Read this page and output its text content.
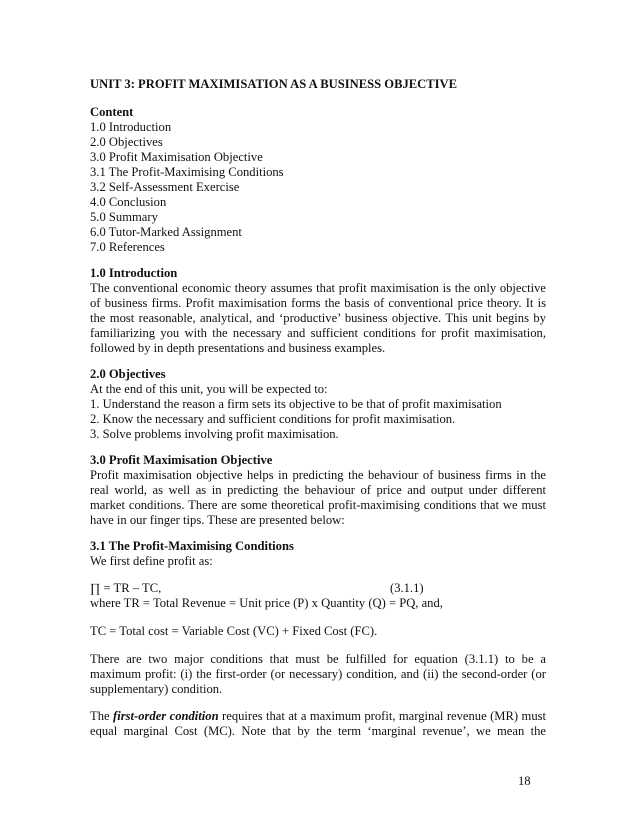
UNIT 3: PROFIT MAXIMISATION AS A BUSINESS OBJECTIVE
Content
1.0 Introduction
2.0 Objectives
3.0 Profit Maximisation Objective
3.1 The Profit-Maximising Conditions
3.2 Self-Assessment Exercise
4.0 Conclusion
5.0 Summary
6.0 Tutor-Marked Assignment
7.0 References
1.0 Introduction
The conventional economic theory assumes that profit maximisation is the only objective
of business firms. Profit maximisation forms the basis of conventional price theory. It is
the most reasonable, analytical, and ‘productive’ business objective. This unit begins by
familiarizing you with the necessary and sufficient conditions for profit maximisation,
followed by in depth presentations and business examples.
2.0 Objectives
At the end of this unit, you will be expected to:
1. Understand the reason a firm sets its objective to be that of profit maximisation
2. Know the necessary and sufficient conditions for profit maximisation.
3. Solve problems involving profit maximisation.
3.0 Profit Maximisation Objective
Profit maximisation objective helps in predicting the behaviour of business firms in the
real world, as well as in predicting the behaviour of price and output under different
market conditions. There are some theoretical profit-maximising conditions that we must
have in our finger tips. These are presented below:
3.1 The Profit-Maximising Conditions
We first define profit as:
∏ = TR – TC,	(3.1.1)
where TR = Total Revenue = Unit price (P) x Quantity (Q) = PQ, and,
TC = Total cost = Variable Cost (VC) + Fixed Cost (FC).
There are two major conditions that must be fulfilled for equation (3.1.1) to be a
maximum profit: (i) the first-order (or necessary) condition, and (ii) the second-order (or
supplementary) condition.
The first-order condition requires that at a maximum profit, marginal revenue (MR) must
equal marginal Cost (MC). Note that by the term ‘marginal revenue’, we mean the
18
